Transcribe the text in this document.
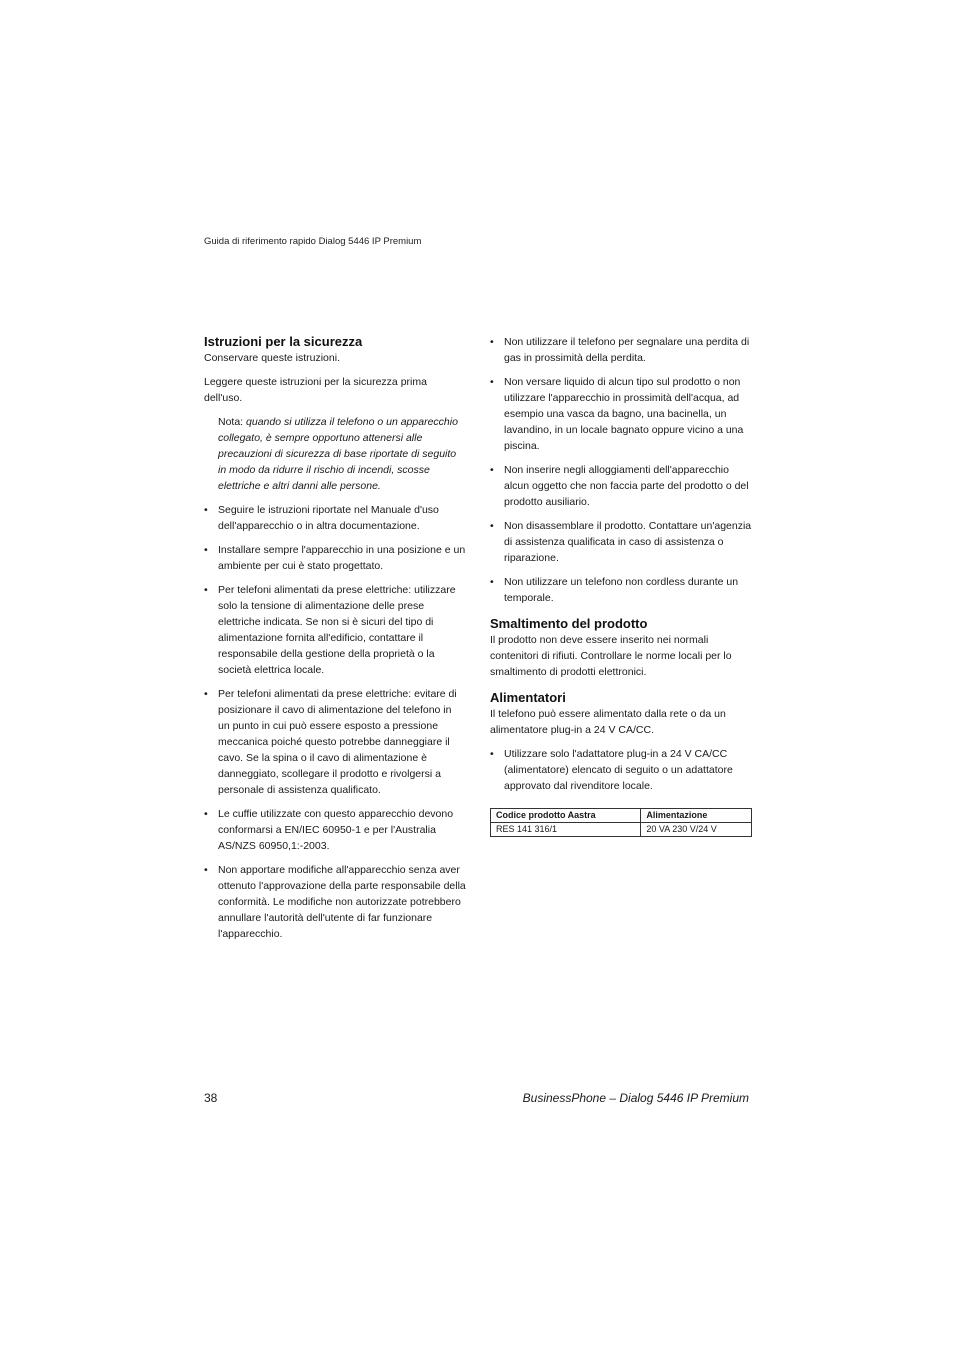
Guida di riferimento rapido Dialog 5446 IP Premium
Istruzioni per la sicurezza

Conservare queste istruzioni.

Leggere queste istruzioni per la sicurezza prima dell'uso.

Nota: quando si utilizza il telefono o un apparecchio collegato, è sempre opportuno attenersi alle precauzioni di sicurezza di base riportate di seguito in modo da ridurre il rischio di incendi, scosse elettriche e altri danni alle persone.
• Seguire le istruzioni riportate nel Manuale d'uso dell'apparecchio o in altra documentazione.
• Installare sempre l'apparecchio in una posizione e un ambiente per cui è stato progettato.
• Per telefoni alimentati da prese elettriche: utilizzare solo la tensione di alimentazione delle prese elettriche indicata. Se non si è sicuri del tipo di alimentazione fornita all'edificio, contattare il responsabile della gestione della proprietà o la società elettrica locale.
• Per telefoni alimentati da prese elettriche: evitare di posizionare il cavo di alimentazione del telefono in un punto in cui può essere esposto a pressione meccanica poiché questo potrebbe danneggiare il cavo. Se la spina o il cavo di alimentazione è danneggiato, scollegare il prodotto e rivolgersi a personale di assistenza qualificato.
• Le cuffie utilizzate con questo apparecchio devono conformarsi a EN/IEC 60950-1 e per l'Australia AS/NZS 60950,1:-2003.
• Non apportare modifiche all'apparecchio senza aver ottenuto l'approvazione della parte responsabile della conformità. Le modifiche non autorizzate potrebbero annullare l'autorità dell'utente di far funzionare l'apparecchio.
• Non utilizzare il telefono per segnalare una perdita di gas in prossimità della perdita.
• Non versare liquido di alcun tipo sul prodotto o non utilizzare l'apparecchio in prossimità dell'acqua, ad esempio una vasca da bagno, una bacinella, un lavandino, in un locale bagnato oppure vicino a una piscina.
• Non inserire negli alloggiamenti dell'apparecchio alcun oggetto che non faccia parte del prodotto o del prodotto ausiliario.
• Non disassemblare il prodotto. Contattare un'agenzia di assistenza qualificata in caso di assistenza o riparazione.
• Non utilizzare un telefono non cordless durante un temporale.
Smaltimento del prodotto

Il prodotto non deve essere inserito nei normali contenitori di rifiuti. Controllare le norme locali per lo smaltimento di prodotti elettronici.

Alimentatori

Il telefono può essere alimentato dalla rete o da un alimentatore plug-in a 24 V CA/CC.

• Utilizzare solo l'adattatore plug-in a 24 V CA/CC (alimentatore) elencato di seguito o un adattatore approvato dal rivenditore locale.
Codice prodotto Aastra	Alimentazione
RES 141 316/1	20 VA 230 V/24 V
38	BusinessPhone – Dialog 5446 IP Premium
